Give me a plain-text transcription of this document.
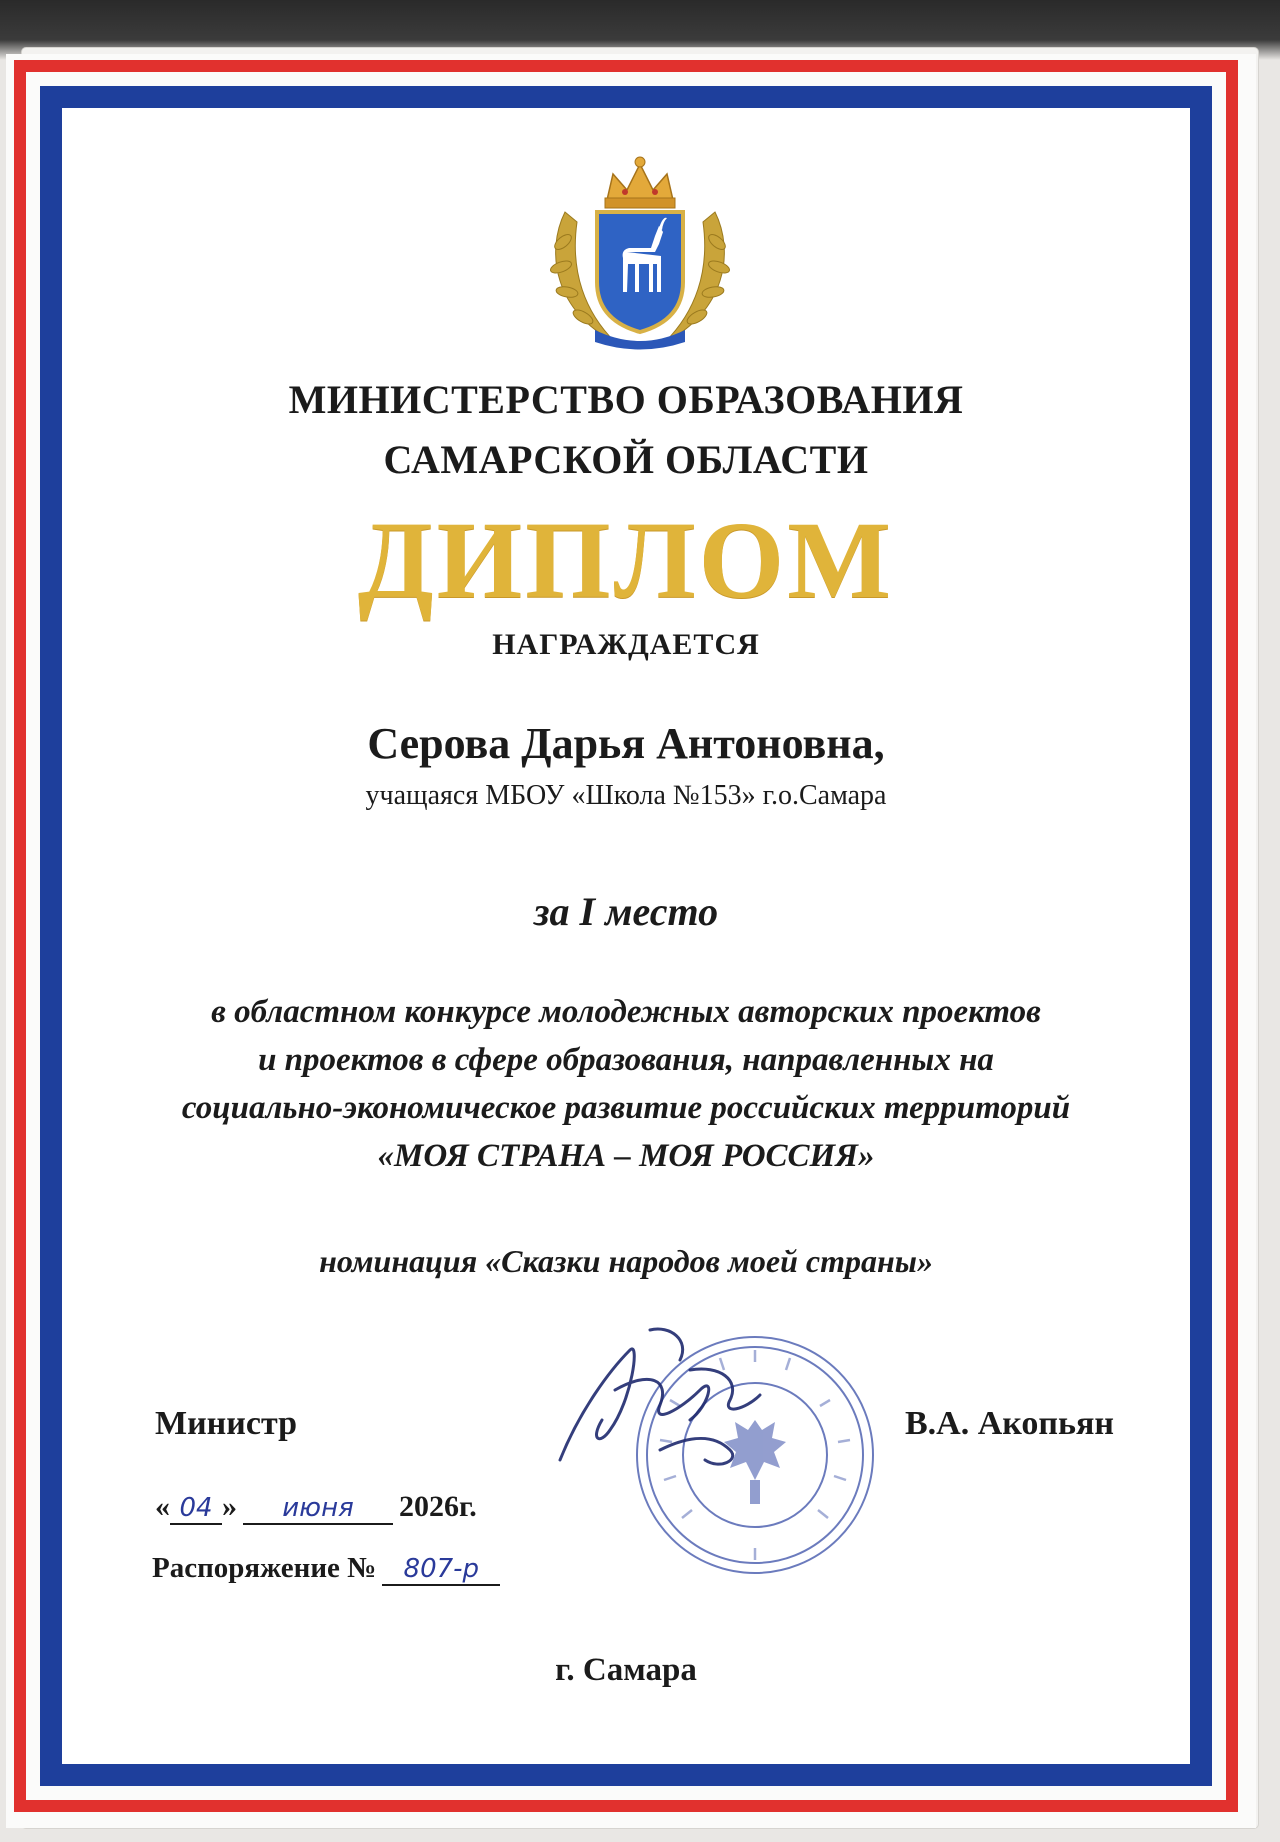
МИНИСТЕРСТВО ОБРАЗОВАНИЯ
САМАРСКОЙ ОБЛАСТИ
ДИПЛОМ
НАГРАЖДАЕТСЯ
Серова Дарья Антоновна,
учащаяся МБОУ «Школа №153» г.о.Самара
за I место
в областном конкурсе молодежных авторских проектов
и проектов в сфере образования, направленных на
социально-экономическое развитие российских территорий
«МОЯ СТРАНА – МОЯ РОССИЯ»
номинация «Сказки народов моей страны»
Министр	В.А. Акопьян
« 04 » июня 2026г.
Распоряжение № 807-р
г. Самара
